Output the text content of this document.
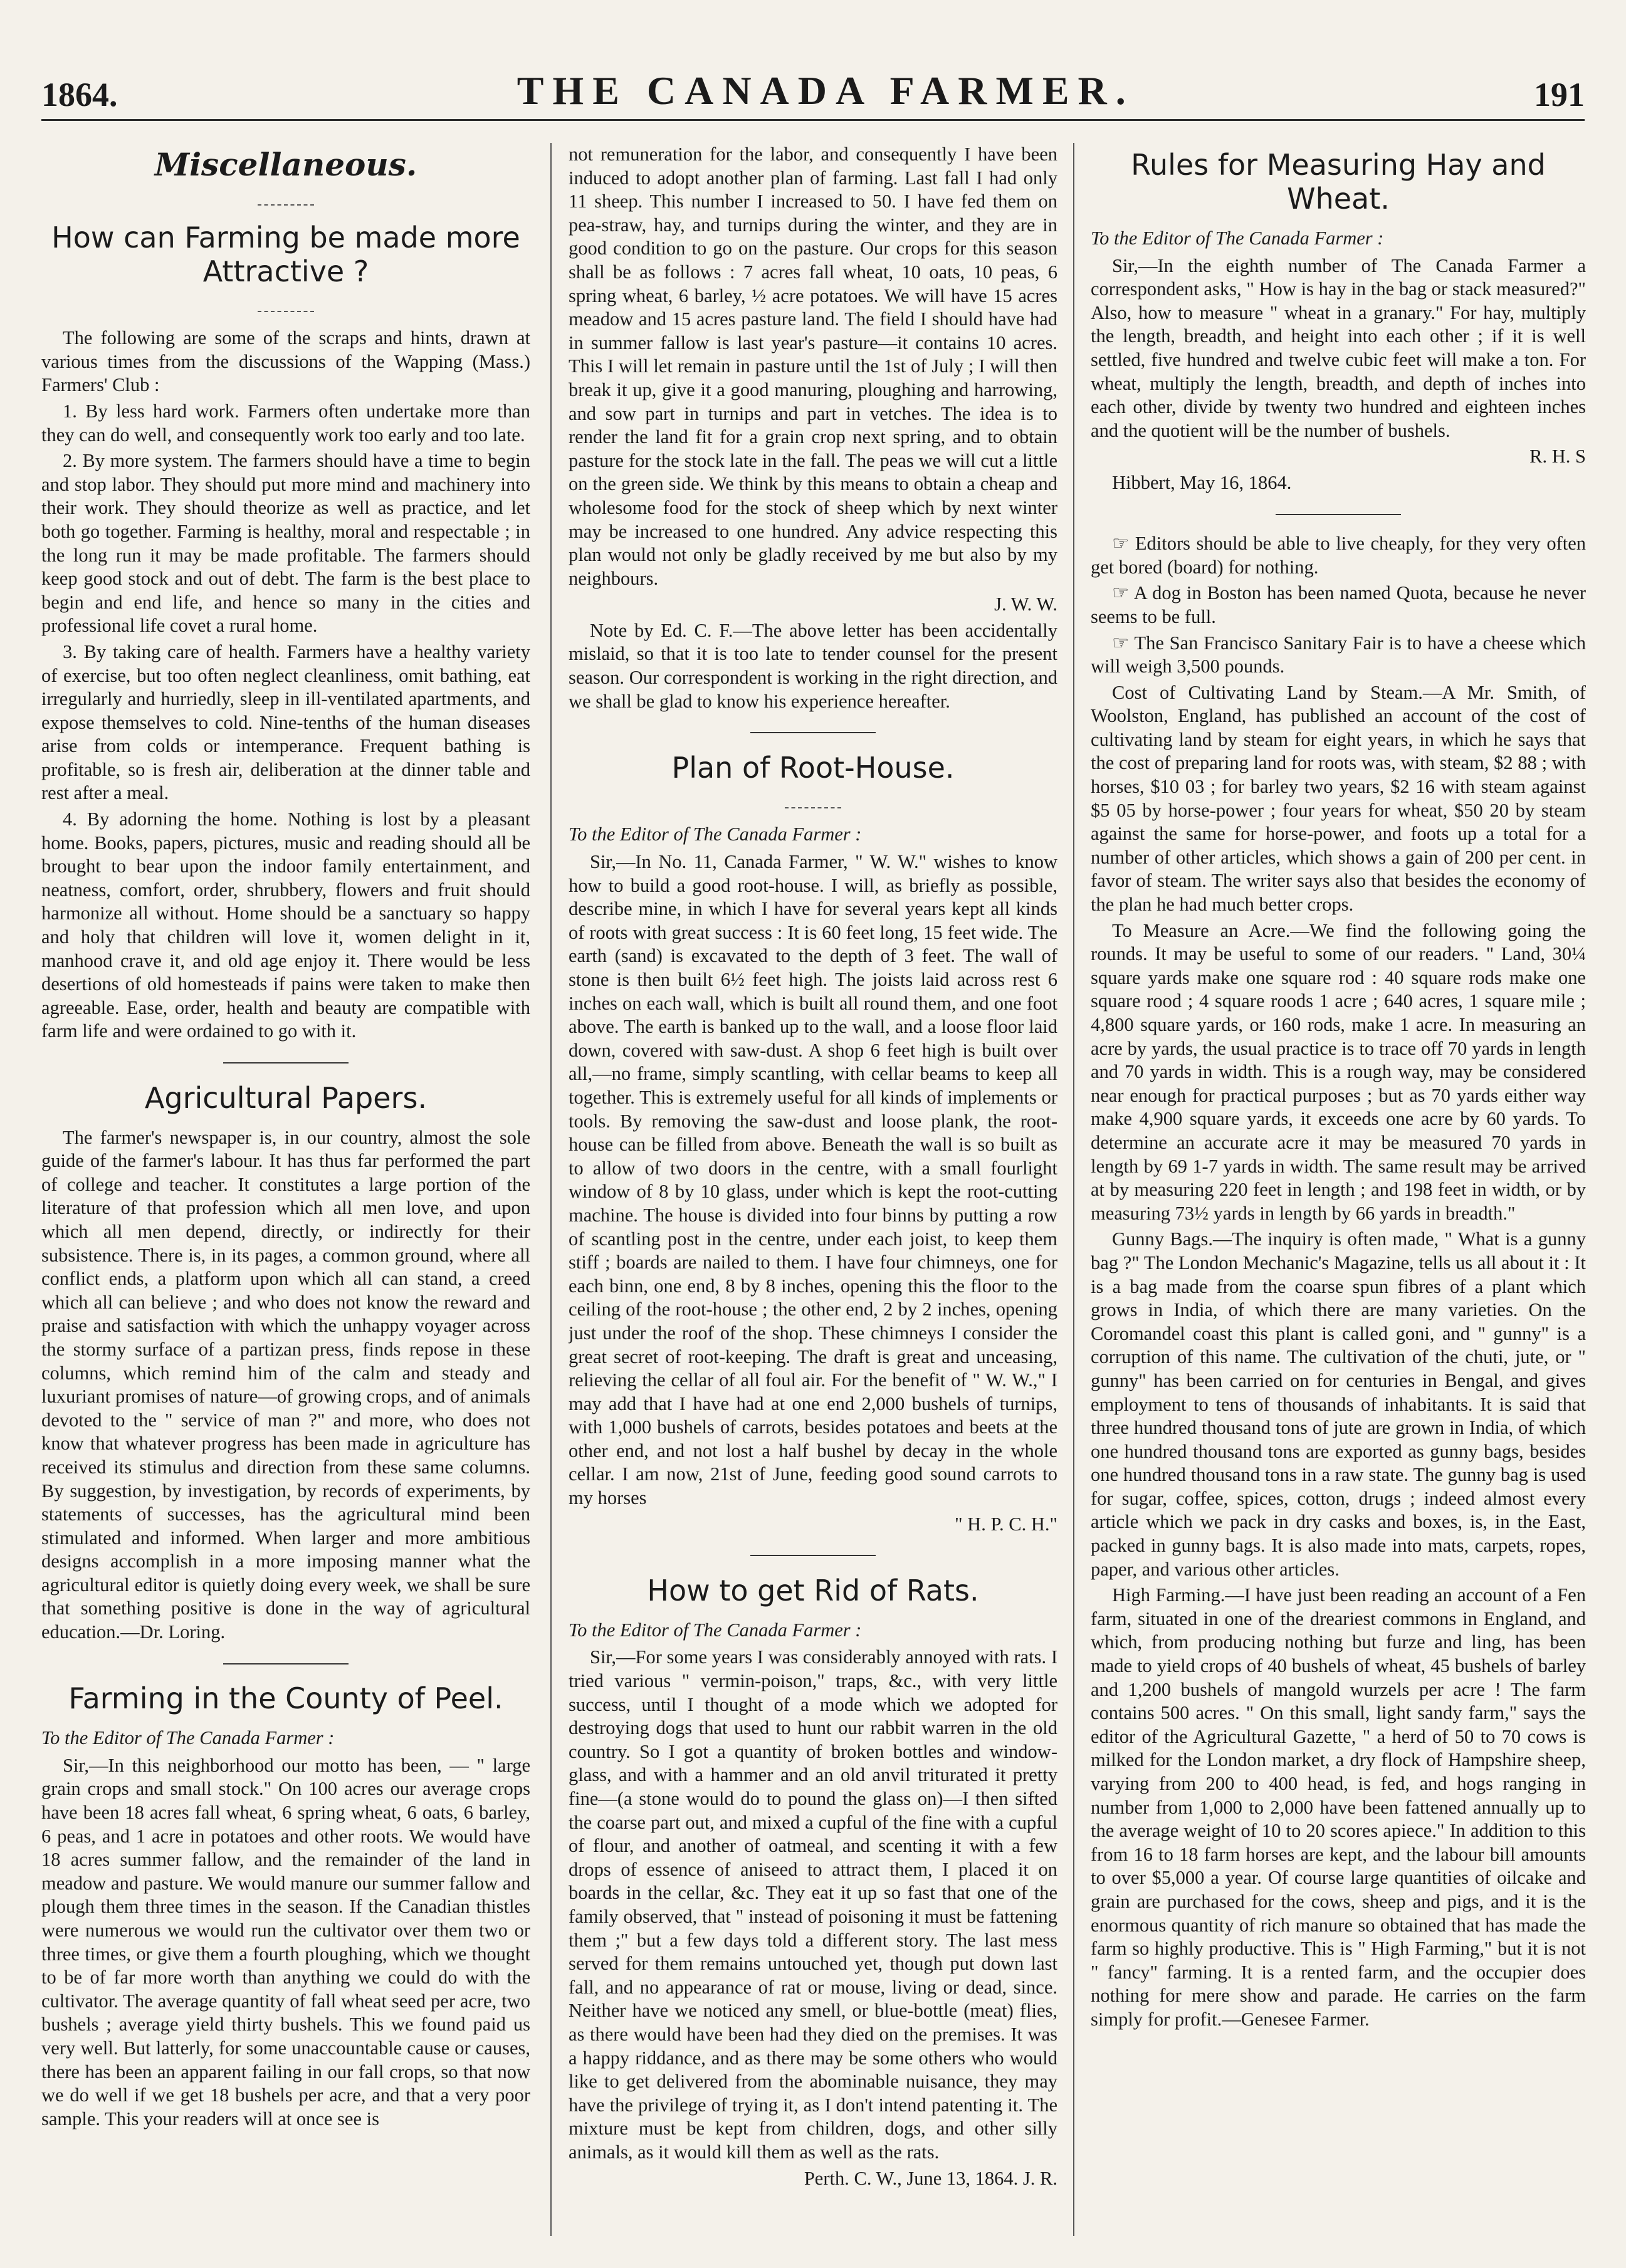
1864.	THE CANADA FARMER.	191
Miscellaneous.
How can Farming be made more Attractive ?

The following are some of the scraps and hints, drawn at various times from the discussions of the Wapping (Mass.) Farmers' Club :

1. By less hard work. Farmers often undertake more than they can do well, and consequently work too early and too late.

2. By more system. The farmers should have a time to begin and stop labor. They should put more mind and machinery into their work. They should theorize as well as practice, and let both go together. Farming is healthy, moral and respectable ; in the long run it may be made profitable. The farmers should keep good stock and out of debt. The farm is the best place to begin and end life, and hence so many in the cities and professional life covet a rural home.

3. By taking care of health. Farmers have a healthy variety of exercise, but too often neglect cleanliness, omit bathing, eat irregularly and hurriedly, sleep in ill-ventilated apartments, and expose themselves to cold. Nine-tenths of the human diseases arise from colds or intemperance. Frequent bathing is profitable, so is fresh air, deliberation at the dinner table and rest after a meal.

4. By adorning the home. Nothing is lost by a pleasant home. Books, papers, pictures, music and reading should all be brought to bear upon the indoor family entertainment, and neatness, comfort, order, shrubbery, flowers and fruit should harmonize all without. Home should be a sanctuary so happy and holy that children will love it, women delight in it, manhood crave it, and old age enjoy it. There would be less desertions of old homesteads if pains were taken to make then agreeable. Ease, order, health and beauty are compatible with farm life and were ordained to go with it.

Agricultural Papers.

The farmer's newspaper is, in our country, almost the sole guide of the farmer's labour. It has thus far performed the part of college and teacher. It constitutes a large portion of the literature of that profession which all men love, and upon which all men depend, directly, or indirectly for their subsistence. There is, in its pages, a common ground, where all conflict ends, a platform upon which all can stand, a creed which all can believe ; and who does not know the reward and praise and satisfaction with which the unhappy voyager across the stormy surface of a partizan press, finds repose in these columns, which remind him of the calm and steady and luxuriant promises of nature—of growing crops, and of animals devoted to the " service of man ?" and more, who does not know that whatever progress has been made in agriculture has received its stimulus and direction from these same columns. By suggestion, by investigation, by records of experiments, by statements of successes, has the agricultural mind been stimulated and informed. When larger and more ambitious designs accomplish in a more imposing manner what the agricultural editor is quietly doing every week, we shall be sure that something positive is done in the way of agricultural education.—Dr. Loring.

Farming in the County of Peel.

To the Editor of The Canada Farmer :

Sir,—In this neighborhood our motto has been, — " large grain crops and small stock." On 100 acres our average crops have been 18 acres fall wheat, 6 spring wheat, 6 oats, 6 barley, 6 peas, and 1 acre in potatoes and other roots. We would have 18 acres summer fallow, and the remainder of the land in meadow and pasture. We would manure our summer fallow and plough them three times in the season. If the Canadian thistles were numerous we would run the cultivator over them two or three times, or give them a fourth ploughing, which we thought to be of far more worth than anything we could do with the cultivator. The average quantity of fall wheat seed per acre, two bushels ; average yield thirty bushels. This we found paid us very well. But latterly, for some unaccountable cause or causes, there has been an apparent failing in our fall crops, so that now we do well if we get 18 bushels per acre, and that a very poor sample. This your readers will at once see is

not remuneration for the labor, and consequently I have been induced to adopt another plan of farming. Last fall I had only 11 sheep. This number I increased to 50. I have fed them on pea-straw, hay, and turnips during the winter, and they are in good condition to go on the pasture. Our crops for this season shall be as follows : 7 acres fall wheat, 10 oats, 10 peas, 6 spring wheat, 6 barley, ½ acre potatoes. We will have 15 acres meadow and 15 acres pasture land. The field I should have had in summer fallow is last year's pasture—it contains 10 acres. This I will let remain in pasture until the 1st of July ; I will then break it up, give it a good manuring, ploughing and harrowing, and sow part in turnips and part in vetches. The idea is to render the land fit for a grain crop next spring, and to obtain pasture for the stock late in the fall. The peas we will cut a little on the green side. We think by this means to obtain a cheap and wholesome food for the stock of sheep which by next winter may be increased to one hundred. Any advice respecting this plan would not only be gladly received by me but also by my neighbours.

J. W. W.

Note by Ed. C. F.—The above letter has been accidentally mislaid, so that it is too late to tender counsel for the present season. Our correspondent is working in the right direction, and we shall be glad to know his experience hereafter.

Plan of Root-House.

To the Editor of The Canada Farmer :

Sir,—In No. 11, Canada Farmer, " W. W." wishes to know how to build a good root-house. I will, as briefly as possible, describe mine, in which I have for several years kept all kinds of roots with great success : It is 60 feet long, 15 feet wide. The earth (sand) is excavated to the depth of 3 feet. The wall of stone is then built 6½ feet high. The joists laid across rest 6 inches on each wall, which is built all round them, and one foot above. The earth is banked up to the wall, and a loose floor laid down, covered with saw-dust. A shop 6 feet high is built over all,—no frame, simply scantling, with cellar beams to keep all together. This is extremely useful for all kinds of implements or tools. By removing the saw-dust and loose plank, the root-house can be filled from above. Beneath the wall is so built as to allow of two doors in the centre, with a small fourlight window of 8 by 10 glass, under which is kept the root-cutting machine. The house is divided into four binns by putting a row of scantling post in the centre, under each joist, to keep them stiff ; boards are nailed to them. I have four chimneys, one for each binn, one end, 8 by 8 inches, opening this the floor to the ceiling of the root-house ; the other end, 2 by 2 inches, opening just under the roof of the shop. These chimneys I consider the great secret of root-keeping. The draft is great and unceasing, relieving the cellar of all foul air. For the benefit of " W. W.," I may add that I have had at one end 2,000 bushels of turnips, with 1,000 bushels of carrots, besides potatoes and beets at the other end, and not lost a half bushel by decay in the whole cellar. I am now, 21st of June, feeding good sound carrots to my horses

" H. P. C. H."

How to get Rid of Rats.

To the Editor of The Canada Farmer :

Sir,—For some years I was considerably annoyed with rats. I tried various " vermin-poison," traps, &c., with very little success, until I thought of a mode which we adopted for destroying dogs that used to hunt our rabbit warren in the old country. So I got a quantity of broken bottles and window-glass, and with a hammer and an old anvil triturated it pretty fine—(a stone would do to pound the glass on)—I then sifted the coarse part out, and mixed a cupful of the fine with a cupful of flour, and another of oatmeal, and scenting it with a few drops of essence of aniseed to attract them, I placed it on boards in the cellar, &c. They eat it up so fast that one of the family observed, that " instead of poisoning it must be fattening them ;" but a few days told a different story. The last mess served for them remains untouched yet, though put down last fall, and no appearance of rat or mouse, living or dead, since. Neither have we noticed any smell, or blue-bottle (meat) flies, as there would have been had they died on the premises. It was a happy riddance, and as there may be some others who would like to get delivered from the abominable nuisance, they may have the privilege of trying it, as I don't intend patenting it. The mixture must be kept from children, dogs, and other silly animals, as it would kill them as well as the rats.

Perth. C. W., June 13, 1864. J. R.

Rules for Measuring Hay and Wheat.

To the Editor of The Canada Farmer :

Sir,—In the eighth number of The Canada Farmer a correspondent asks, " How is hay in the bag or stack measured?" Also, how to measure " wheat in a granary." For hay, multiply the length, breadth, and height into each other ; if it is well settled, five hundred and twelve cubic feet will make a ton. For wheat, multiply the length, breadth, and depth of inches into each other, divide by twenty two hundred and eighteen inches and the quotient will be the number of bushels.

R. H. S

Hibbert, May 16, 1864.

☞ Editors should be able to live cheaply, for they very often get bored (board) for nothing.

☞ A dog in Boston has been named Quota, because he never seems to be full.

☞ The San Francisco Sanitary Fair is to have a cheese which will weigh 3,500 pounds.

Cost of Cultivating Land by Steam.—A Mr. Smith, of Woolston, England, has published an account of the cost of cultivating land by steam for eight years, in which he says that the cost of preparing land for roots was, with steam, $2 88 ; with horses, $10 03 ; for barley two years, $2 16 with steam against $5 05 by horse-power ; four years for wheat, $50 20 by steam against the same for horse-power, and foots up a total for a number of other articles, which shows a gain of 200 per cent. in favor of steam. The writer says also that besides the economy of the plan he had much better crops.

To Measure an Acre.—We find the following going the rounds. It may be useful to some of our readers. " Land, 30¼ square yards make one square rod : 40 square rods make one square rood ; 4 square roods 1 acre ; 640 acres, 1 square mile ; 4,800 square yards, or 160 rods, make 1 acre. In measuring an acre by yards, the usual practice is to trace off 70 yards in length and 70 yards in width. This is a rough way, may be considered near enough for practical purposes ; but as 70 yards either way make 4,900 square yards, it exceeds one acre by 60 yards. To determine an accurate acre it may be measured 70 yards in length by 69 1-7 yards in width. The same result may be arrived at by measuring 220 feet in length ; and 198 feet in width, or by measuring 73½ yards in length by 66 yards in breadth."

Gunny Bags.—The inquiry is often made, " What is a gunny bag ?" The London Mechanic's Magazine, tells us all about it : It is a bag made from the coarse spun fibres of a plant which grows in India, of which there are many varieties. On the Coromandel coast this plant is called goni, and " gunny" is a corruption of this name. The cultivation of the chuti, jute, or " gunny" has been carried on for centuries in Bengal, and gives employment to tens of thousands of inhabitants. It is said that three hundred thousand tons of jute are grown in India, of which one hundred thousand tons are exported as gunny bags, besides one hundred thousand tons in a raw state. The gunny bag is used for sugar, coffee, spices, cotton, drugs ; indeed almost every article which we pack in dry casks and boxes, is, in the East, packed in gunny bags. It is also made into mats, carpets, ropes, paper, and various other articles.

High Farming.—I have just been reading an account of a Fen farm, situated in one of the dreariest commons in England, and which, from producing nothing but furze and ling, has been made to yield crops of 40 bushels of wheat, 45 bushels of barley and 1,200 bushels of mangold wurzels per acre ! The farm contains 500 acres. " On this small, light sandy farm," says the editor of the Agricultural Gazette, " a herd of 50 to 70 cows is milked for the London market, a dry flock of Hampshire sheep, varying from 200 to 400 head, is fed, and hogs ranging in number from 1,000 to 2,000 have been fattened annually up to the average weight of 10 to 20 scores apiece." In addition to this from 16 to 18 farm horses are kept, and the labour bill amounts to over $5,000 a year. Of course large quantities of oilcake and grain are purchased for the cows, sheep and pigs, and it is the enormous quantity of rich manure so obtained that has made the farm so highly productive. This is " High Farming," but it is not " fancy" farming. It is a rented farm, and the occupier does nothing for mere show and parade. He carries on the farm simply for profit.—Genesee Farmer.
